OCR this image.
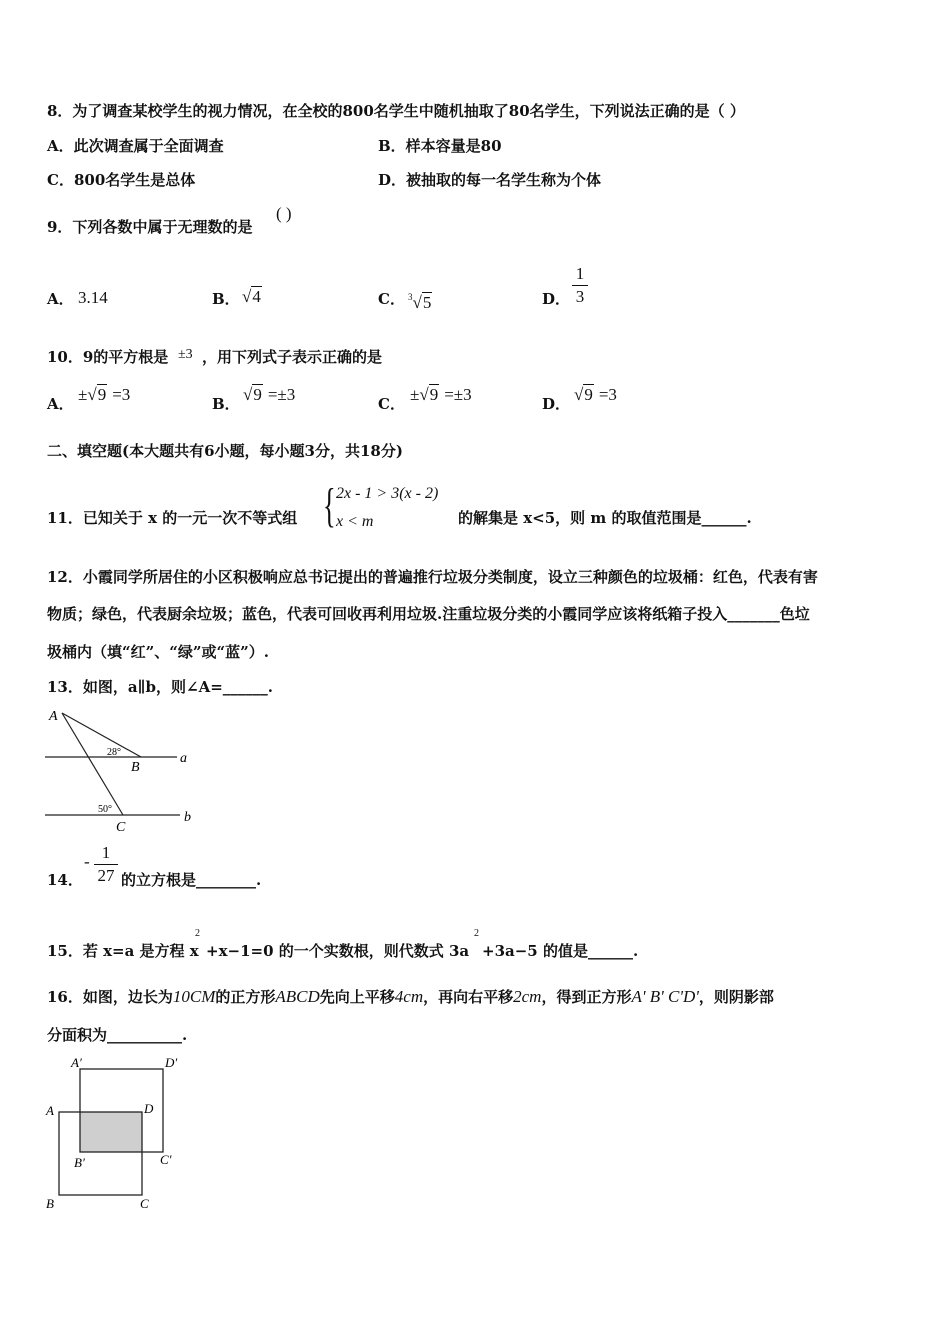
8．为了调查某校学生的视力情况，在全校的800名学生中随机抽取了80名学生，下列说法正确的是（ ）
A．此次调查属于全面调查	B．样本容量是80
C．800名学生是总体	D．被抽取的每一名学生称为个体
9．下列各数中属于无理数的是
( )
A． 3.14	B． √4	C． $^3$√5	D．
1
3
10．9的平方根是 ±3 ，用下列式子表示正确的是
A． ±√9 =3	B． √9 =±3	C． ±√9 =±3	D． √9 =3
二、填空题(本大题共有6小题，每小题3分，共18分)
11．已知关于 x 的一元一次不等式组 { 2x - 1 > 3(x - 2)
x < m	的解集是 x<5，则 m 的取值范围是______.
12．小霞同学所居住的小区积极响应总书记提出的普遍推行垃圾分类制度，设立三种颜色的垃圾桶：红色，代表有害
物质；绿色，代表厨余垃圾；蓝色，代表可回收再利用垃圾.注重垃圾分类的小霞同学应该将纸箱子投入_______色垃
圾桶内（填“红”、“绿”或“蓝”）.
13．如图，a∥b，则∠A=______.
A
B
C
a
b
28°
50°
14．
- 1
27 的立方根是________.
15．若 x=a 是方程 x
2
+x−1=0 的一个实数根，则代数式 3a
2
+3a−5 的值是______.
16．如图，边长为10CM的正方形ABCD先向上平移4cm，再向右平移2cm，得到正方形A' B' C'D'，则阴影部
分面积为__________.
A′	D′
A	D
B′	C′
B	C
